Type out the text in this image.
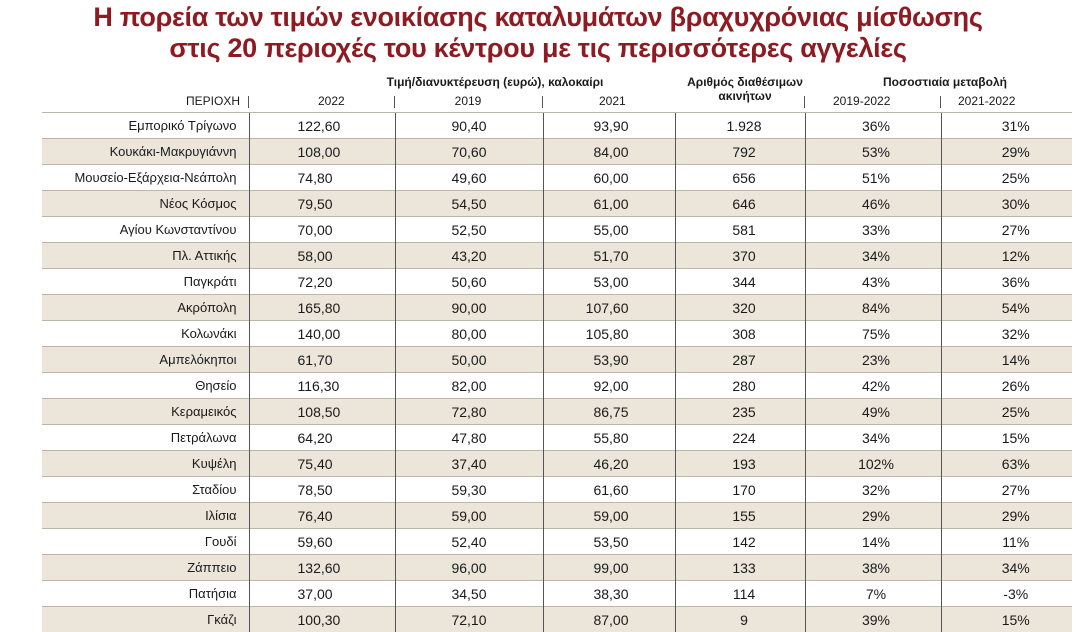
Η πορεία των τιμών ενοικίασης καταλυμάτων βραχυχρόνιας μίσθωσης
στις 20 περιοχές του κέντρου με τις περισσότερες αγγελίες
Τιμή/διανυκτέρευση (ευρώ), καλοκαίρι	Αριθμός διαθέσιμων
ακινήτων
Ποσοστιαία μεταβολή
ΠΕΡΙΟΧΗ	2022	2019	2021	2019-2022	2021-2022
Εμπορικό Τρίγωνο	122,60	90,40	93,90	1.928	36%	31%
Κουκάκι-Μακρυγιάννη	108,00	70,60	84,00	792	53%	29%
Μουσείο-Εξάρχεια-Νεάπολη	74,80	49,60	60,00	656	51%	25%
Νέος Κόσμος	79,50	54,50	61,00	646	46%	30%
Αγίου Κωνσταντίνου	70,00	52,50	55,00	581	33%	27%
Πλ. Αττικής	58,00	43,20	51,70	370	34%	12%
Παγκράτι	72,20	50,60	53,00	344	43%	36%
Ακρόπολη	165,80	90,00	107,60	320	84%	54%
Κολωνάκι	140,00	80,00	105,80	308	75%	32%
Αμπελόκηποι	61,70	50,00	53,90	287	23%	14%
Θησείο	116,30	82,00	92,00	280	42%	26%
Κεραμεικός	108,50	72,80	86,75	235	49%	25%
Πετράλωνα	64,20	47,80	55,80	224	34%	15%
Κυψέλη	75,40	37,40	46,20	193	102%	63%
Σταδίου	78,50	59,30	61,60	170	32%	27%
Ιλίσια	76,40	59,00	59,00	155	29%	29%
Γουδί	59,60	52,40	53,50	142	14%	11%
Ζάππειο	132,60	96,00	99,00	133	38%	34%
Πατήσια	37,00	34,50	38,30	114	7%	-3%
Γκάζι	100,30	72,10	87,00	9	39%	15%
